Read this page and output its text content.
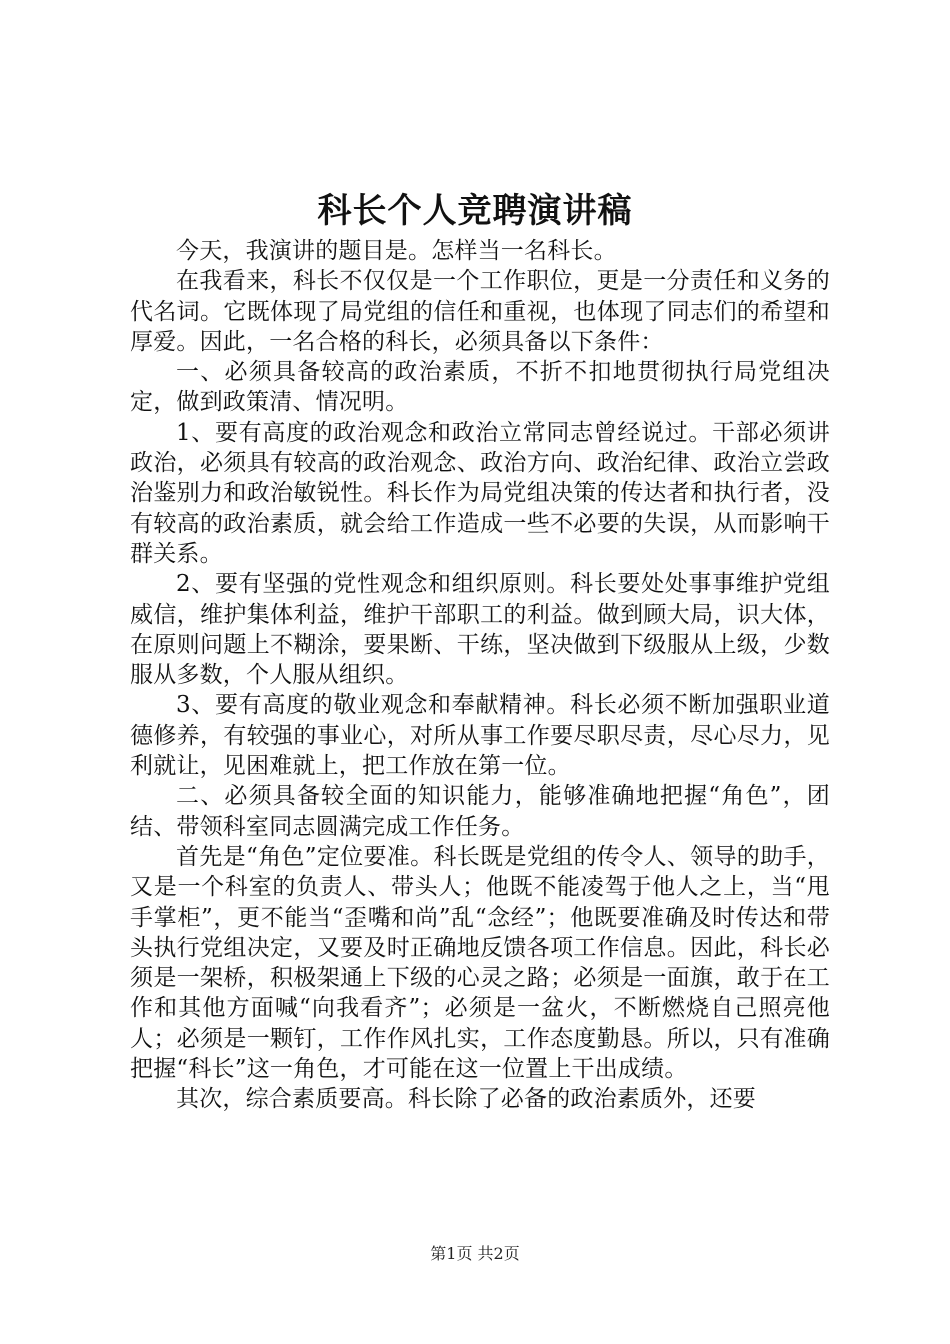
科长个人竞聘演讲稿

今天，我演讲的题目是。怎样当一名科长。

在我看来，科长不仅仅是一个工作职位，更是一分责任和义务的代名词。它既体现了局党组的信任和重视，也体现了同志们的希望和厚爱。因此，一名合格的科长，必须具备以下条件：

一、必须具备较高的政治素质，不折不扣地贯彻执行局党组决定，做到政策清、情况明。

1、要有高度的政治观念和政治立常同志曾经说过。干部必须讲政治，必须具有较高的政治观念、政治方向、政治纪律、政治立尝政治鉴别力和政治敏锐性。科长作为局党组决策的传达者和执行者，没有较高的政治素质，就会给工作造成一些不必要的失误，从而影响干群关系。

2、要有坚强的党性观念和组织原则。科长要处处事事维护党组威信，维护集体利益，维护干部职工的利益。做到顾大局，识大体，在原则问题上不糊涂，要果断、干练，坚决做到下级服从上级，少数服从多数，个人服从组织。

3、要有高度的敬业观念和奉献精神。科长必须不断加强职业道德修养，有较强的事业心，对所从事工作要尽职尽责，尽心尽力，见利就让，见困难就上，把工作放在第一位。

二、必须具备较全面的知识能力，能够准确地把握“角色”，团结、带领科室同志圆满完成工作任务。

首先是“角色”定位要准。科长既是党组的传令人、领导的助手，又是一个科室的负责人、带头人；他既不能凌驾于他人之上，当“甩手掌柜”，更不能当“歪嘴和尚”乱“念经”；他既要准确及时传达和带头执行党组决定，又要及时正确地反馈各项工作信息。因此，科长必须是一架桥，积极架通上下级的心灵之路；必须是一面旗，敢于在工作和其他方面喊“向我看齐”；必须是一盆火，不断燃烧自己照亮他人；必须是一颗钉，工作作风扎实，工作态度勤恳。所以，只有准确把握“科长”这一角色，才可能在这一位置上干出成绩。

其次，综合素质要高。科长除了必备的政治素质外，还要

第1页 共2页
